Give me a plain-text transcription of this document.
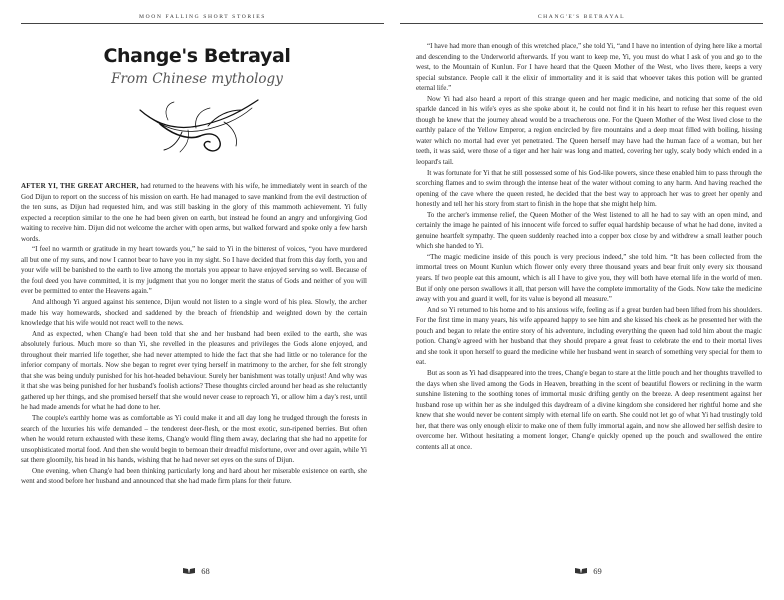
MOON FALLING SHORT STORIES
Change's Betrayal
From Chinese mythology

AFTER YI, THE GREAT ARCHER, had returned to the heavens with his wife, he immediately went in search of the God Dijun to report on the success of his mission on earth. He had managed to save mankind from the evil destruction of the ten suns, as Dijun had requested him, and was still basking in the glory of this mammoth achievement. Yi fully expected a reception similar to the one he had been given on earth, but instead he found an angry and unforgiving God waiting to receive him. Dijun did not welcome the archer with open arms, but walked forward and spoke only a few harsh words.

“I feel no warmth or gratitude in my heart towards you,” he said to Yi in the bitterest of voices, “you have murdered all but one of my suns, and now I cannot bear to have you in my sight. So I have decided that from this day forth, you and your wife will be banished to the earth to live among the mortals you appear to have enjoyed serving so well. Because of the foul deed you have committed, it is my judgment that you no longer merit the status of Gods and neither of you will ever be permitted to enter the Heavens again.”

And although Yi argued against his sentence, Dijun would not listen to a single word of his plea. Slowly, the archer made his way homewards, shocked and saddened by the breach of friendship and weighted down by the certain knowledge that his wife would not react well to the news.

And as expected, when Chang'e had been told that she and her husband had been exiled to the earth, she was absolutely furious. Much more so than Yi, she revelled in the pleasures and privileges the Gods alone enjoyed, and throughout their married life together, she had never attempted to hide the fact that she had little or no tolerance for the inferior company of mortals. Now she began to regret ever tying herself in matrimony to the archer, for she felt strongly that she was being unduly punished for his hot-headed behaviour. Surely her banishment was totally unjust! And why was it that she was being punished for her husband's foolish actions? These thoughts circled around her head as she reluctantly gathered up her things, and she promised herself that she would never cease to reproach Yi, or allow him a day's rest, until he had made amends for what he had done to her.

The couple's earthly home was as comfortable as Yi could make it and all day long he trudged through the forests in search of the luxuries his wife demanded – the tenderest deer-flesh, or the most exotic, sun-ripened berries. But often when he would return exhausted with these items, Chang'e would fling them away, declaring that she had no appetite for unsophisticated mortal food. And then she would begin to bemoan their dreadful misfortune, over and over again, while Yi sat there gloomily, his head in his hands, wishing that he had never set eyes on the suns of Dijun.

One evening, when Chang'e had been thinking particularly long and hard about her miserable existence on earth, she went and stood before her husband and announced that she had made firm plans for their future.

68
CHANG'E'S BETRAYAL

“I have had more than enough of this wretched place,” she told Yi, “and I have no intention of dying here like a mortal and descending to the Underworld afterwards. If you want to keep me, Yi, you must do what I ask of you and go to the west, to the Mountain of Kunlun. For I have heard that the Queen Mother of the West, who lives there, keeps a very special substance. People call it the elixir of immortality and it is said that whoever takes this potion will be granted eternal life.”

Now Yi had also heard a report of this strange queen and her magic medicine, and noticing that some of the old sparkle danced in his wife's eyes as she spoke about it, he could not find it in his heart to refuse her this request even though he knew that the journey ahead would be a treacherous one. For the Queen Mother of the West lived close to the earthly palace of the Yellow Emperor, a region encircled by fire mountains and a deep moat filled with boiling, hissing water which no mortal had ever yet penetrated. The Queen herself may have had the human face of a woman, but her teeth, it was said, were those of a tiger and her hair was long and matted, covering her ugly, scaly body which ended in a leopard's tail.

It was fortunate for Yi that he still possessed some of his God-like powers, since these enabled him to pass through the scorching flames and to swim through the intense heat of the water without coming to any harm. And having reached the opening of the cave where the queen rested, he decided that the best way to approach her was to greet her openly and honestly and tell her his story from start to finish in the hope that she might help him.

To the archer's immense relief, the Queen Mother of the West listened to all he had to say with an open mind, and certainly the image he painted of his innocent wife forced to suffer equal hardship because of what he had done, invited a genuine heartfelt sympathy. The queen suddenly reached into a copper box close by and withdrew a small leather pouch which she handed to Yi.

“The magic medicine inside of this pouch is very precious indeed,” she told him. “It has been collected from the immortal trees on Mount Kunlun which flower only every three thousand years and bear fruit only every six thousand years. If two people eat this amount, which is all I have to give you, they will both have eternal life in the world of men. But if only one person swallows it all, that person will have the complete immortality of the Gods. Now take the medicine away with you and guard it well, for its value is beyond all measure.”

And so Yi returned to his home and to his anxious wife, feeling as if a great burden had been lifted from his shoulders. For the first time in many years, his wife appeared happy to see him and she kissed his cheek as he presented her with the pouch and began to relate the entire story of his adventure, including everything the queen had told him about the magic potion. Chang'e agreed with her husband that they should prepare a great feast to celebrate the end to their mortal lives and she took it upon herself to guard the medicine while her husband went in search of something very special for them to eat.

But as soon as Yi had disappeared into the trees, Chang'e began to stare at the little pouch and her thoughts travelled to the days when she lived among the Gods in Heaven, breathing in the scent of beautiful flowers or reclining in the warm sunshine listening to the soothing tones of immortal music drifting gently on the breeze. A deep resentment against her husband rose up within her as she indulged this daydream of a divine kingdom she considered her rightful home and she knew that she would never be content simply with eternal life on earth. She could not let go of what Yi had trustingly told her, that there was only enough elixir to make one of them fully immortal again, and now she allowed her selfish desire to overcome her. Without hesitating a moment longer, Chang'e quickly opened up the pouch and swallowed the entire contents all at once.

69
